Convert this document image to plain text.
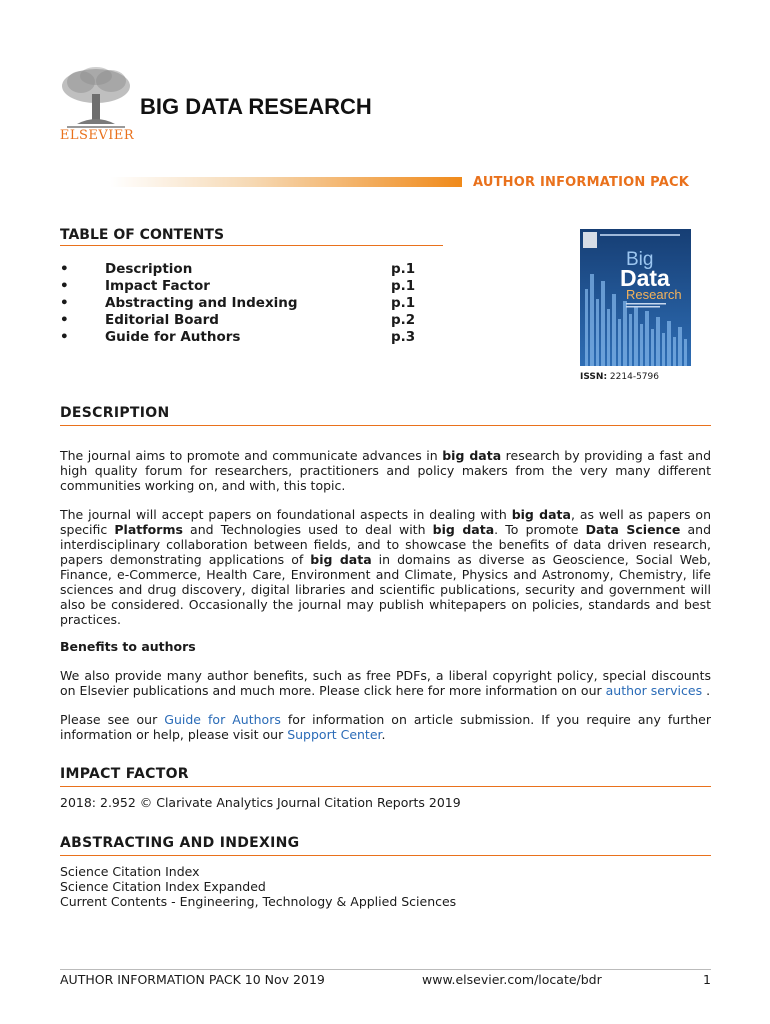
ELSEVIER
BIG DATA RESEARCH
AUTHOR INFORMATION PACK
TABLE OF CONTENTS
•	Description	p.1
•	Impact Factor	p.1
•	Abstracting and Indexing	p.1
•	Editorial Board	p.2
•	Guide for Authors	p.3
Big
Data
Research
ISSN: 2214-5796
DESCRIPTION

The journal aims to promote and communicate advances in big data research by providing a fast and high quality forum for researchers, practitioners and policy makers from the very many different communities working on, and with, this topic.

The journal will accept papers on foundational aspects in dealing with big data, as well as papers on specific Platforms and Technologies used to deal with big data. To promote Data Science and interdisciplinary collaboration between fields, and to showcase the benefits of data driven research, papers demonstrating applications of big data in domains as diverse as Geoscience, Social Web, Finance, e-Commerce, Health Care, Environment and Climate, Physics and Astronomy, Chemistry, life sciences and drug discovery, digital libraries and scientific publications, security and government will also be considered. Occasionally the journal may publish whitepapers on policies, standards and best practices.

Benefits to authors

We also provide many author benefits, such as free PDFs, a liberal copyright policy, special discounts on Elsevier publications and much more. Please click here for more information on our author services .

Please see our Guide for Authors for information on article submission. If you require any further information or help, please visit our Support Center.

IMPACT FACTOR

2018: 2.952 © Clarivate Analytics Journal Citation Reports 2019

ABSTRACTING AND INDEXING
Science Citation Index
Science Citation Index Expanded
Current Contents - Engineering, Technology & Applied Sciences
AUTHOR INFORMATION PACK 10 Nov 2019	www.elsevier.com/locate/bdr	1
